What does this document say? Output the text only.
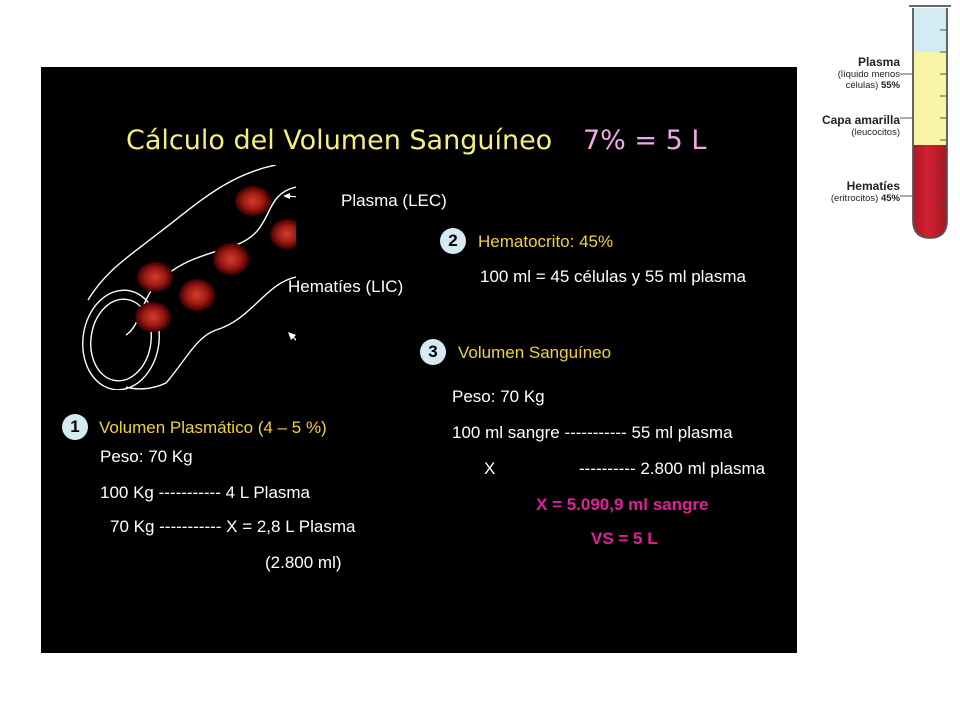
Cálculo del Volumen Sanguíneo 7% = 5 L
Plasma (LEC)
Hematíes (LIC)
2	Hematocrito: 45%
100 ml = 45 células y 55 ml plasma
3	Volumen Sanguíneo
Peso: 70 Kg
100 ml sangre ----------- 55 ml plasma
X	---------- 2.800 ml plasma
X = 5.090,9 ml sangre
VS = 5 L
1	Volumen Plasmático (4 – 5 %)
Peso: 70 Kg
100 Kg ----------- 4 L Plasma
70 Kg ----------- X = 2,8 L Plasma
(2.800 ml)
Plasma
(líquido menos
células) 55%
Capa amarilla
(leucocitos)
Hematíes
(eritrocitos) 45%
